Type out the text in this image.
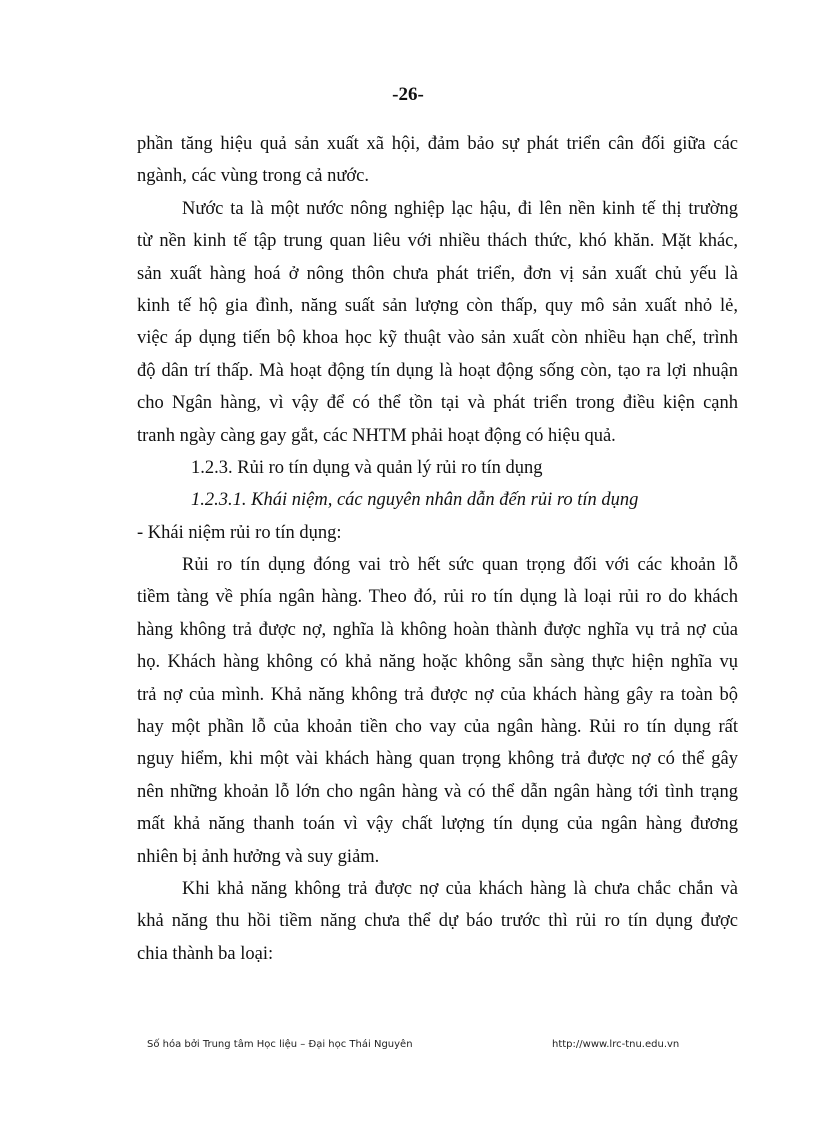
-26-
phần tăng hiệu quả sản xuất xã hội, đảm bảo sự phát triển cân đối giữa các
ngành, các vùng trong cả nước.
Nước ta là một nước nông nghiệp lạc hậu, đi lên nền kinh tế thị trường
từ nền kinh tế tập trung quan liêu với nhiều thách thức, khó khăn. Mặt khác,
sản xuất hàng hoá ở nông thôn chưa phát triển, đơn vị sản xuất chủ yếu là
kinh tế hộ gia đình, năng suất sản lượng còn thấp, quy mô sản xuất nhỏ lẻ,
việc áp dụng tiến bộ khoa học kỹ thuật vào sản xuất còn nhiều hạn chế, trình
độ dân trí thấp. Mà hoạt động tín dụng là hoạt động sống còn, tạo ra lợi nhuận
cho Ngân hàng, vì vậy để có thể tồn tại và phát triển trong điều kiện cạnh
tranh ngày càng gay gắt, các NHTM phải hoạt động có hiệu quả.
1.2.3. Rủi ro tín dụng và quản lý rủi ro tín dụng
1.2.3.1. Khái niệm, các nguyên nhân dẫn đến rủi ro tín dụng
- Khái niệm rủi ro tín dụng:
Rủi ro tín dụng đóng vai trò hết sức quan trọng đối với các khoản lỗ
tiềm tàng về phía ngân hàng. Theo đó, rủi ro tín dụng là loại rủi ro do khách
hàng không trả được nợ, nghĩa là không hoàn thành được nghĩa vụ trả nợ của
họ. Khách hàng không có khả năng hoặc không sẵn sàng thực hiện nghĩa vụ
trả nợ của mình. Khả năng không trả được nợ của khách hàng gây ra toàn bộ
hay một phần lỗ của khoản tiền cho vay của ngân hàng. Rủi ro tín dụng rất
nguy hiểm, khi một vài khách hàng quan trọng không trả được nợ có thể gây
nên những khoản lỗ lớn cho ngân hàng và có thể dẫn ngân hàng tới tình trạng
mất khả năng thanh toán vì vậy chất lượng tín dụng của ngân hàng đương
nhiên bị ảnh hưởng và suy giảm.
Khi khả năng không trả được nợ của khách hàng là chưa chắc chắn và
khả năng thu hồi tiềm năng chưa thể dự báo trước thì rủi ro tín dụng được
chia thành ba loại:
Số hóa bởi Trung tâm Học liệu – Đại học Thái Nguyên	http://www.lrc-tnu.edu.vn
